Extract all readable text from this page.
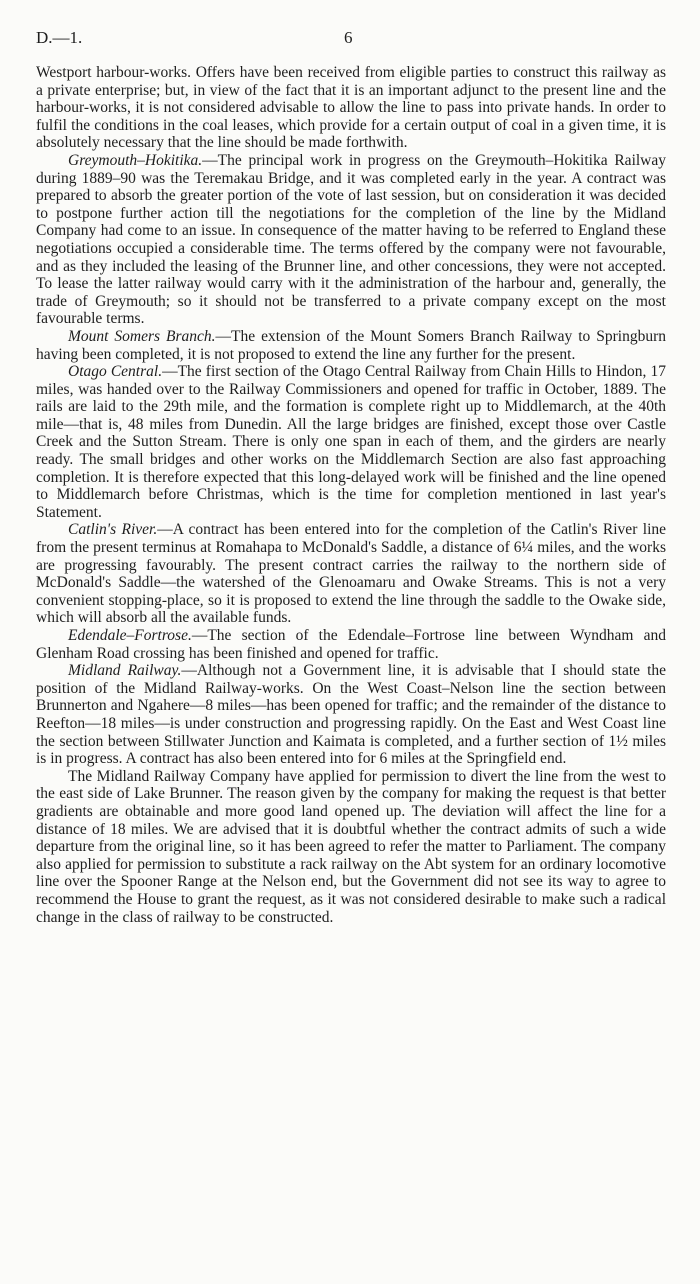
D.—1.	6

Westport harbour-works. Offers have been received from eligible parties to construct this railway as a private enterprise; but, in view of the fact that it is an important adjunct to the present line and the harbour-works, it is not considered advisable to allow the line to pass into private hands. In order to fulfil the conditions in the coal leases, which provide for a certain output of coal in a given time, it is absolutely necessary that the line should be made forthwith.

Greymouth–Hokitika.—The principal work in progress on the Greymouth–Hokitika Railway during 1889–90 was the Teremakau Bridge, and it was completed early in the year. A contract was prepared to absorb the greater portion of the vote of last session, but on consideration it was decided to postpone further action till the negotiations for the completion of the line by the Midland Company had come to an issue. In consequence of the matter having to be referred to England these negotiations occupied a considerable time. The terms offered by the company were not favourable, and as they included the leasing of the Brunner line, and other concessions, they were not accepted. To lease the latter railway would carry with it the administration of the harbour and, generally, the trade of Greymouth; so it should not be transferred to a private company except on the most favourable terms.

Mount Somers Branch.—The extension of the Mount Somers Branch Railway to Springburn having been completed, it is not proposed to extend the line any further for the present.

Otago Central.—The first section of the Otago Central Railway from Chain Hills to Hindon, 17 miles, was handed over to the Railway Commissioners and opened for traffic in October, 1889. The rails are laid to the 29th mile, and the formation is complete right up to Middlemarch, at the 40th mile—that is, 48 miles from Dunedin. All the large bridges are finished, except those over Castle Creek and the Sutton Stream. There is only one span in each of them, and the girders are nearly ready. The small bridges and other works on the Middlemarch Section are also fast approaching completion. It is therefore expected that this long-delayed work will be finished and the line opened to Middlemarch before Christmas, which is the time for completion mentioned in last year's Statement.

Catlin's River.—A contract has been entered into for the completion of the Catlin's River line from the present terminus at Romahapa to McDonald's Saddle, a distance of 6¼ miles, and the works are progressing favourably. The present contract carries the railway to the northern side of McDonald's Saddle—the watershed of the Glenoamaru and Owake Streams. This is not a very convenient stopping-place, so it is proposed to extend the line through the saddle to the Owake side, which will absorb all the available funds.

Edendale–Fortrose.—The section of the Edendale–Fortrose line between Wyndham and Glenham Road crossing has been finished and opened for traffic.

Midland Railway.—Although not a Government line, it is advisable that I should state the position of the Midland Railway-works. On the West Coast–Nelson line the section between Brunnerton and Ngahere—8 miles—has been opened for traffic; and the remainder of the distance to Reefton—18 miles—is under construction and progressing rapidly. On the East and West Coast line the section between Stillwater Junction and Kaimata is completed, and a further section of 1½ miles is in progress. A contract has also been entered into for 6 miles at the Springfield end.

The Midland Railway Company have applied for permission to divert the line from the west to the east side of Lake Brunner. The reason given by the company for making the request is that better gradients are obtainable and more good land opened up. The deviation will affect the line for a distance of 18 miles. We are advised that it is doubtful whether the contract admits of such a wide departure from the original line, so it has been agreed to refer the matter to Parliament. The company also applied for permission to substitute a rack railway on the Abt system for an ordinary locomotive line over the Spooner Range at the Nelson end, but the Government did not see its way to agree to recommend the House to grant the request, as it was not considered desirable to make such a radical change in the class of railway to be constructed.
